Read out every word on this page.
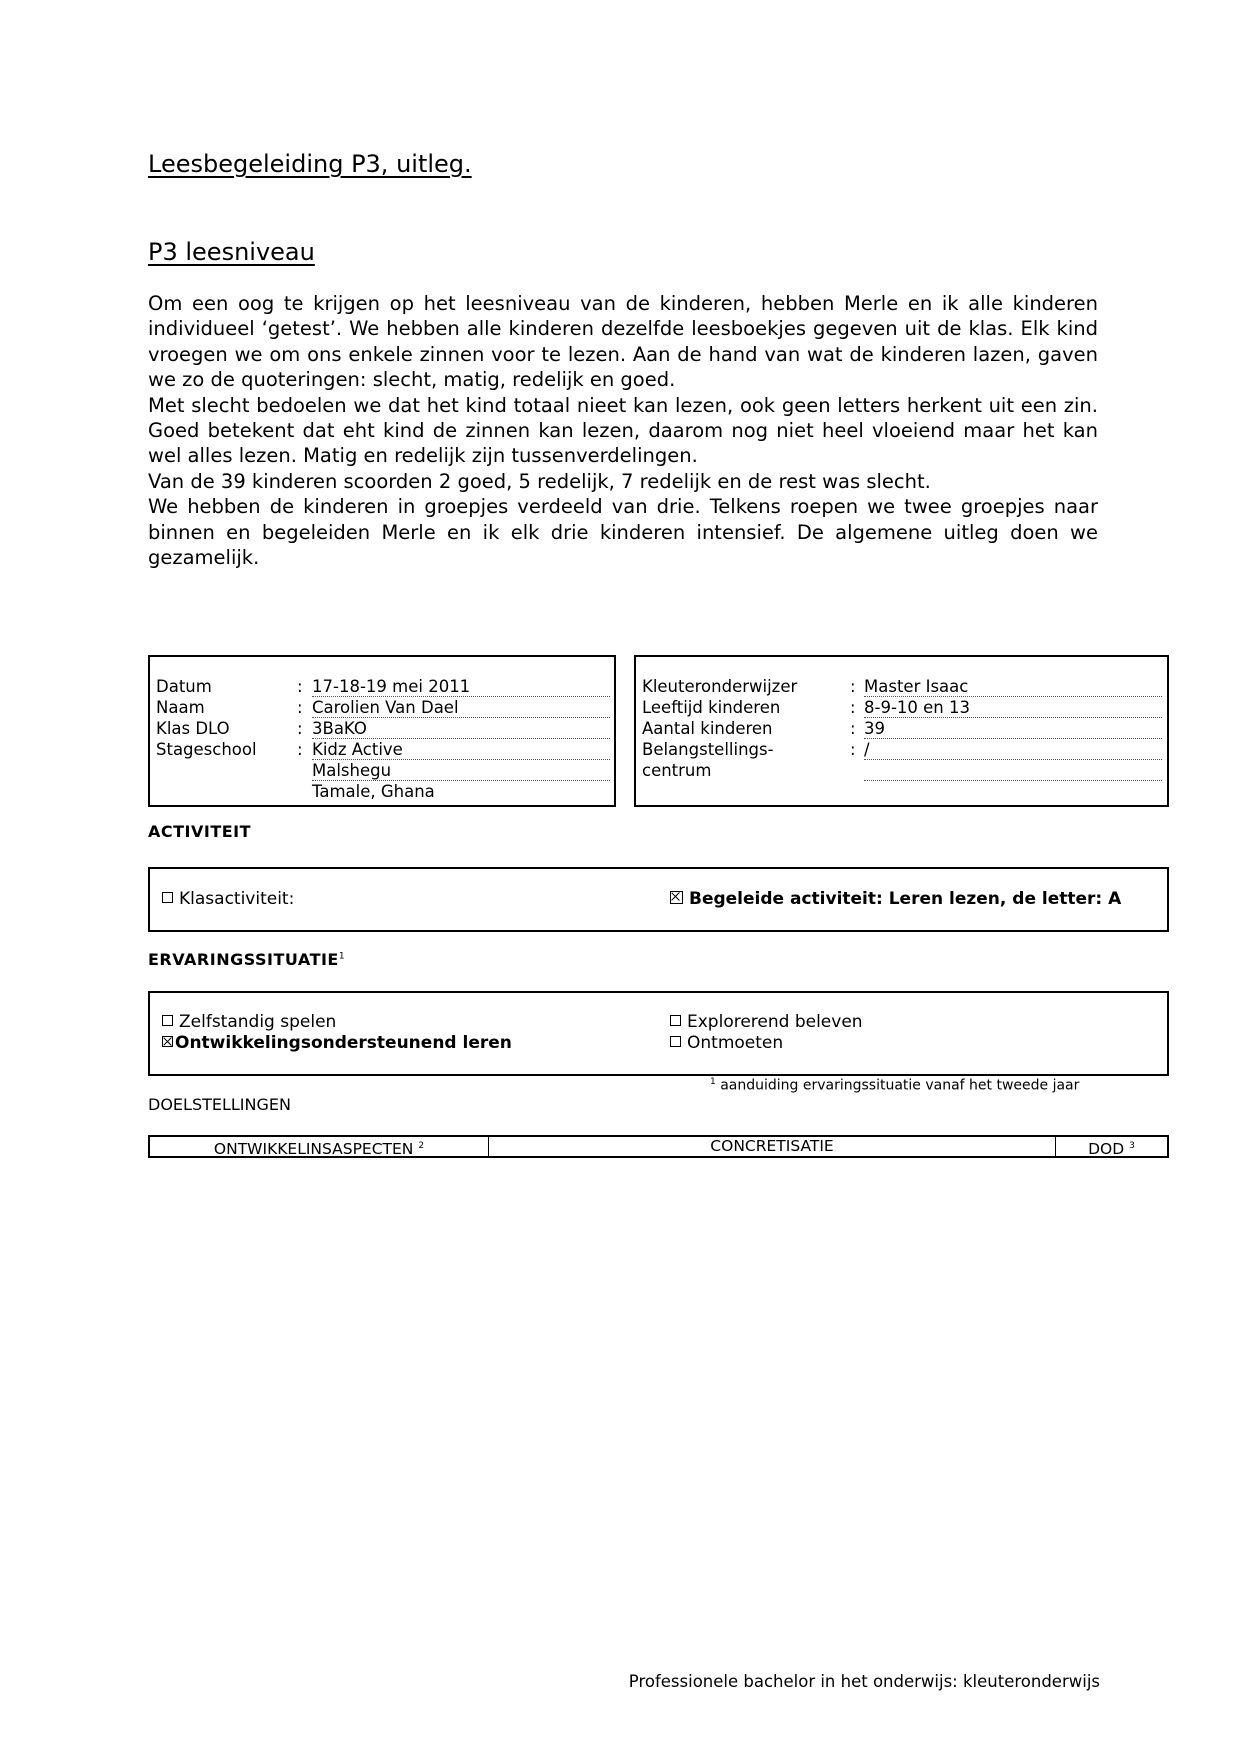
Leesbegeleiding P3, uitleg.
P3 leesniveau

Om een oog te krijgen op het leesniveau van de kinderen, hebben Merle en ik alle kinderen individueel ‘getest’. We hebben alle kinderen dezelfde leesboekjes gegeven uit de klas. Elk kind vroegen we om ons enkele zinnen voor te lezen. Aan de hand van wat de kinderen lazen, gaven we zo de quoteringen: slecht, matig, redelijk en goed.

Met slecht bedoelen we dat het kind totaal nieet kan lezen, ook geen letters herkent uit een zin. Goed betekent dat eht kind de zinnen kan lezen, daarom nog niet heel vloeiend maar het kan wel alles lezen. Matig en redelijk zijn tussenverdelingen.

Van de 39 kinderen scoorden 2 goed, 5 redelijk, 7 redelijk en de rest was slecht.

We hebben de kinderen in groepjes verdeeld van drie. Telkens roepen we twee groepjes naar binnen en begeleiden Merle en ik elk drie kinderen intensief. De algemene uitleg doen we gezamelijk.

Datum	: 17-18-19 mei 2011
Naam	: Carolien Van Dael
Klas DLO	: 3BaKO
Stageschool : Kidz Active
Malshegu
Tamale, Ghana
Kleuteronderwijzer	: Master Isaac
Leeftijd kinderen	: 8-9-10 en 13
Aantal kinderen	: 39
Belangstellings-	: /
centrum
ACTIVITEIT
Klasactiviteit:	Begeleide activiteit: Leren lezen, de letter: A
ERVARINGSSITUATIE$^1$
Zelfstandig spelen
Ontwikkelingsondersteunend leren
Explorerend beleven
Ontmoeten
$^1$ aanduiding ervaringssituatie vanaf het tweede jaar
DOELSTELLINGEN
ONTWIKKELINSASPECTEN $^2$	CONCRETISATIE	DOD $^3$
Professionele bachelor in het onderwijs: kleuteronderwijs
